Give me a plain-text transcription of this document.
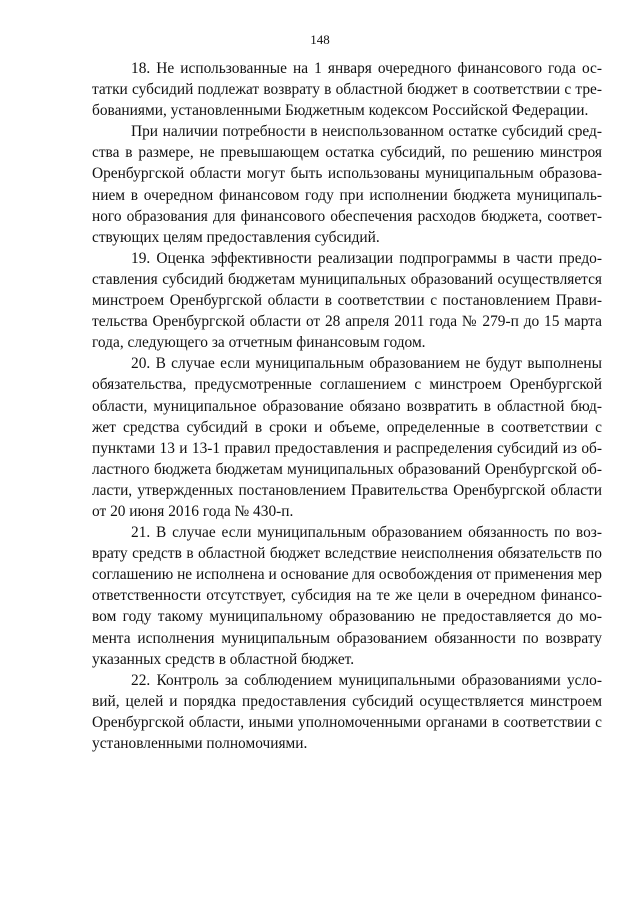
148

18. Не использованные на 1 января очередного финансового года остатки субсидий подлежат возврату в областной бюджет в соответствии с требованиями, установленными Бюджетным кодексом Российской Федерации.

При наличии потребности в неиспользованном остатке субсидий средства в размере, не превышающем остатка субсидий, по решению минстроя Оренбургской области могут быть использованы муниципальным образованием в очередном финансовом году при исполнении бюджета муниципального образования для финансового обеспечения расходов бюджета, соответствующих целям предоставления субсидий.

19. Оценка эффективности реализации подпрограммы в части предоставления субсидий бюджетам муниципальных образований осуществляется минстроем Оренбургской области в соответствии с постановлением Правительства Оренбургской области от 28 апреля 2011 года № 279-п до 15 марта года, следующего за отчетным финансовым годом.

20. В случае если муниципальным образованием не будут выполнены обязательства, предусмотренные соглашением с минстроем Оренбургской области, муниципальное образование обязано возвратить в областной бюджет средства субсидий в сроки и объеме, определенные в соответствии с пунктами 13 и 13-1 правил предоставления и распределения субсидий из областного бюджета бюджетам муниципальных образований Оренбургской области, утвержденных постановлением Правительства Оренбургской области от 20 июня 2016 года № 430-п.

21. В случае если муниципальным образованием обязанность по возврату средств в областной бюджет вследствие неисполнения обязательств по соглашению не исполнена и основание для освобождения от применения мер ответственности отсутствует, субсидия на те же цели в очередном финансовом году такому муниципальному образованию не предоставляется до момента исполнения муниципальным образованием обязанности по возврату указанных средств в областной бюджет.

22. Контроль за соблюдением муниципальными образованиями условий, целей и порядка предоставления субсидий осуществляется минстроем Оренбургской области, иными уполномоченными органами в соответствии с установленными полномочиями.
